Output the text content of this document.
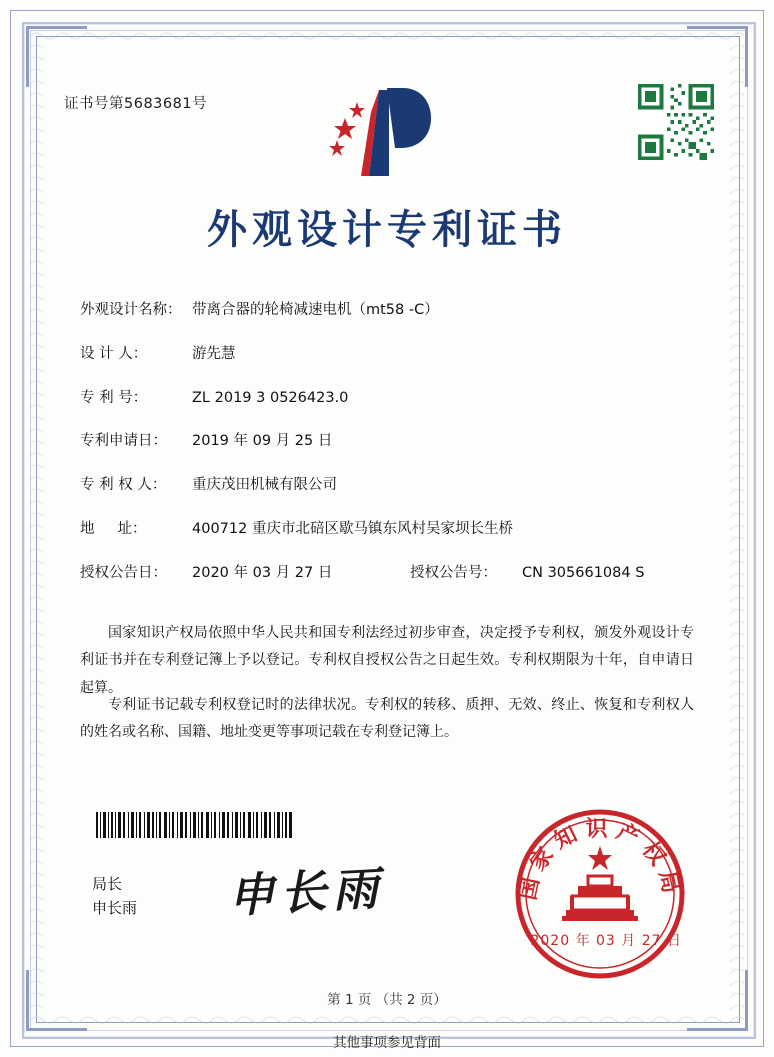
证书号第5683681号
外观设计专利证书
外观设计名称： 带离合器的轮椅减速电机（mt58 -C）
设 计 人：	游先慧
专 利 号：	ZL 2019 3 0526423.0
专利申请日：	2019 年 09 月 25 日
专 利 权 人：	重庆茂田机械有限公司
地     址：	400712 重庆市北碚区歇马镇东风村吴家坝长生桥
授权公告日：	2020 年 03 月 27 日	授权公告号：	CN 305661084 S
国家知识产权局依照中华人民共和国专利法经过初步审查，决定授予专利权，颁发外观设计专利证书并在专利登记簿上予以登记。专利权自授权公告之日起生效。专利权期限为十年，自申请日起算。
专利证书记载专利权登记时的法律状况。专利权的转移、质押、无效、终止、恢复和专利权人的姓名或名称、国籍、地址变更等事项记载在专利登记簿上。
局长
申长雨 申长雨	国家知识产权局
2020 年 03 月 27 日
第 1 页 （共 2 页）
其他事项参见背面
